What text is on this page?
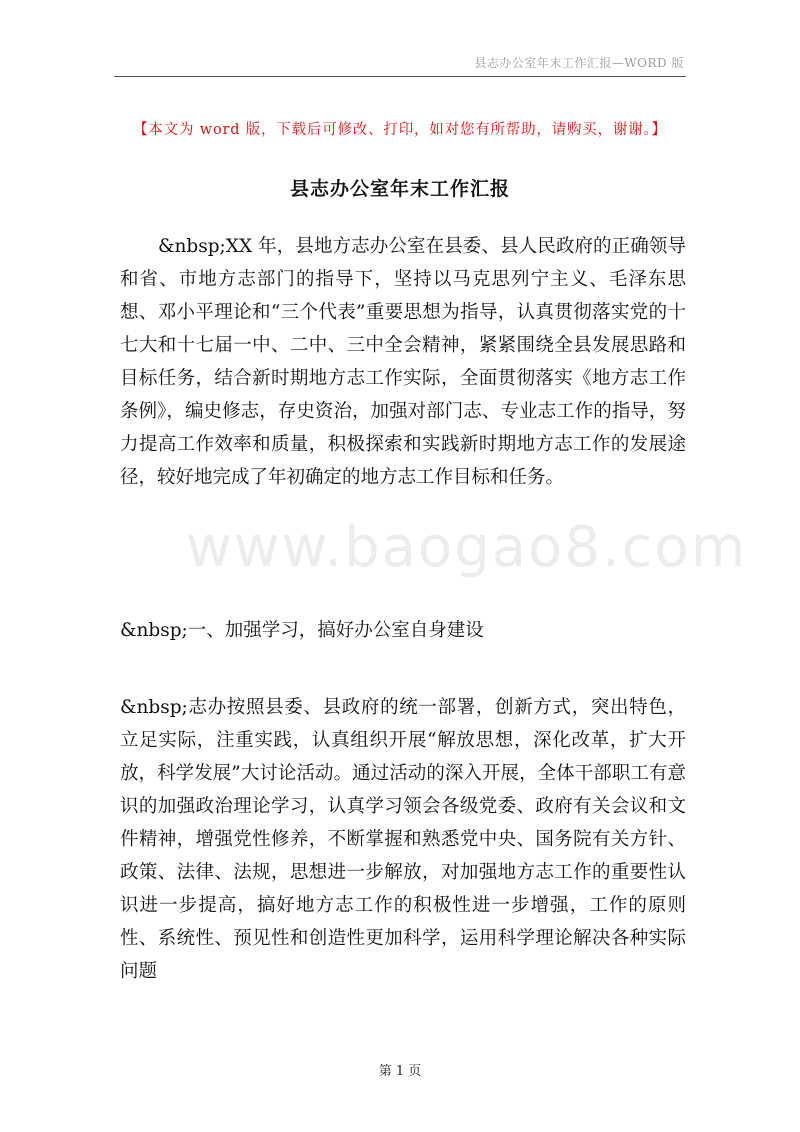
县志办公室年末工作汇报—WORD 版
【本文为 word 版，下载后可修改、打印，如对您有所帮助，请购买，谢谢。】
县志办公室年末工作汇报
www.baogao8.com

&nbsp;XX 年，县地方志办公室在县委、县人民政府的正确领导和省、市地方志部门的指导下，坚持以马克思列宁主义、毛泽东思想、邓小平理论和“三个代表”重要思想为指导，认真贯彻落实党的十七大和十七届一中、二中、三中全会精神，紧紧围绕全县发展思路和目标任务，结合新时期地方志工作实际，全面贯彻落实《地方志工作条例》，编史修志，存史资治，加强对部门志、专业志工作的指导，努力提高工作效率和质量，积极探索和实践新时期地方志工作的发展途径，较好地完成了年初确定的地方志工作目标和任务。

&nbsp;一、加强学习，搞好办公室自身建设

&nbsp;志办按照县委、县政府的统一部署，创新方式，突出特色，立足实际，注重实践，认真组织开展“解放思想，深化改革，扩大开放，科学发展”大讨论活动。通过活动的深入开展，全体干部职工有意识的加强政治理论学习，认真学习领会各级党委、政府有关会议和文件精神，增强党性修养，不断掌握和熟悉党中央、国务院有关方针、政策、法律、法规，思想进一步解放，对加强地方志工作的重要性认识进一步提高，搞好地方志工作的积极性进一步增强，工作的原则性、系统性、预见性和创造性更加科学，运用科学理论解决各种实际问题

第 1 页
